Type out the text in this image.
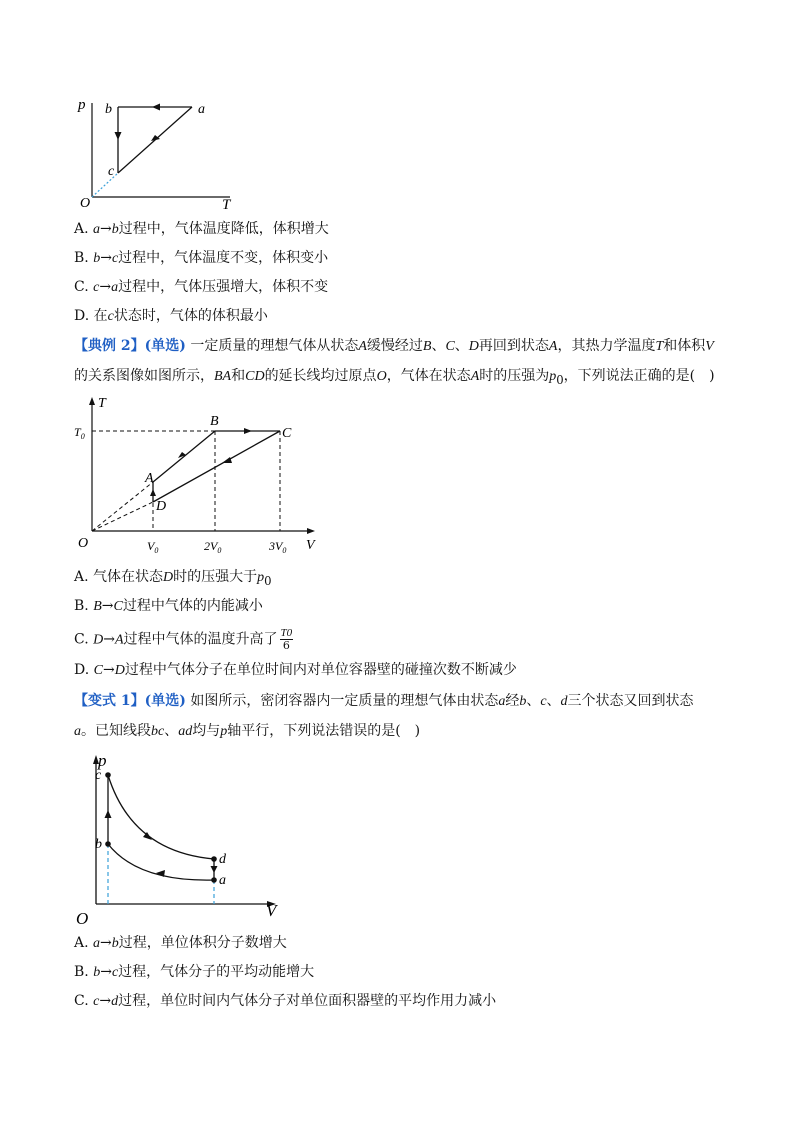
p
T
O
a
b
c
A. a→b过程中，气体温度降低，体积增大
B. b→c过程中，气体温度不变，体积变小
C. c→a过程中，气体压强增大，体积不变
D. 在c状态时，气体的体积最小
【典例 2】(单选) 一定质量的理想气体从状态A缓慢经过B、C、D再回到状态A，其热力学温度T和体积V
的关系图像如图所示，BA和CD的延长线均过原点O，气体在状态A时的压强为$p_0$，下列说法正确的是(　)
T
V
O
A
B
C
D
$T_0$
$V_0$	$2V_0$	$3V_0$
A. 气体在状态D时的压强大于$p_0$
B. B→C过程中气体的内能减小
C. D→A过程中气体的温度升高了 $\frac{T0}{6}$
D. C→D过程中气体分子在单位时间内对单位容器壁的碰撞次数不断减少
【变式 1】(单选) 如图所示，密闭容器内一定质量的理想气体由状态a经b、c、d三个状态又回到状态
a。已知线段bc、ad均与p轴平行，下列说法错误的是(　)
p
V
O
c
b
d
a
A. a→b过程，单位体积分子数增大
B. b→c过程，气体分子的平均动能增大
C. c→d过程，单位时间内气体分子对单位面积器壁的平均作用力减小
